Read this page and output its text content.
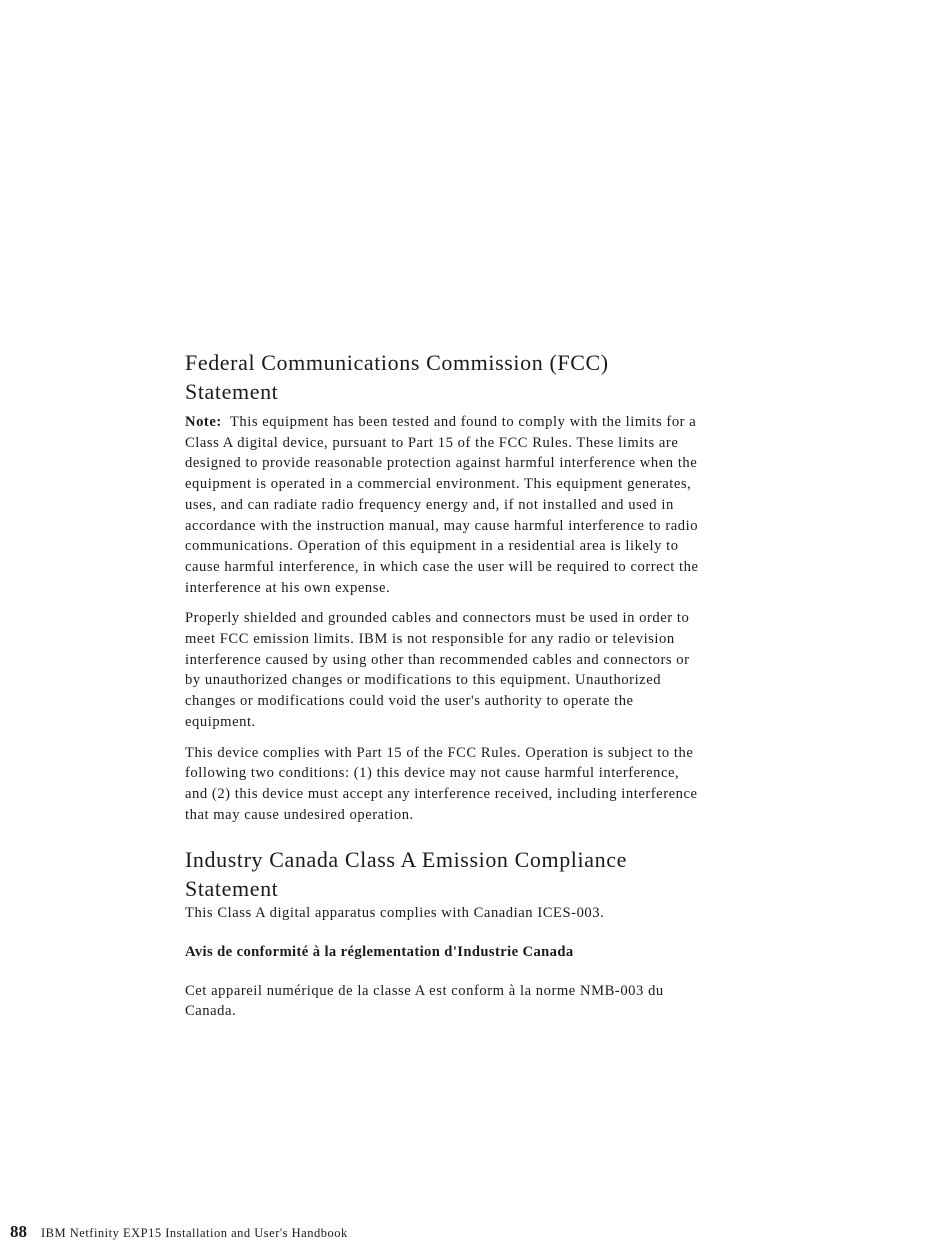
Federal Communications Commission (FCC) Statement

Note: This equipment has been tested and found to comply with the limits for a Class A digital device, pursuant to Part 15 of the FCC Rules. These limits are designed to provide reasonable protection against harmful interference when the equipment is operated in a commercial environment. This equipment generates, uses, and can radiate radio frequency energy and, if not installed and used in accordance with the instruction manual, may cause harmful interference to radio communications. Operation of this equipment in a residential area is likely to cause harmful interference, in which case the user will be required to correct the interference at his own expense.

Properly shielded and grounded cables and connectors must be used in order to meet FCC emission limits. IBM is not responsible for any radio or television interference caused by using other than recommended cables and connectors or by unauthorized changes or modifications to this equipment. Unauthorized changes or modifications could void the user's authority to operate the equipment.

This device complies with Part 15 of the FCC Rules. Operation is subject to the following two conditions: (1) this device may not cause harmful interference, and (2) this device must accept any interference received, including interference that may cause undesired operation.

Industry Canada Class A Emission Compliance Statement

This Class A digital apparatus complies with Canadian ICES-003.

Avis de conformité à la réglementation d'Industrie Canada

Cet appareil numérique de la classe A est conform à la norme NMB-003 du Canada.

88 IBM Netfinity EXP15 Installation and User's Handbook
